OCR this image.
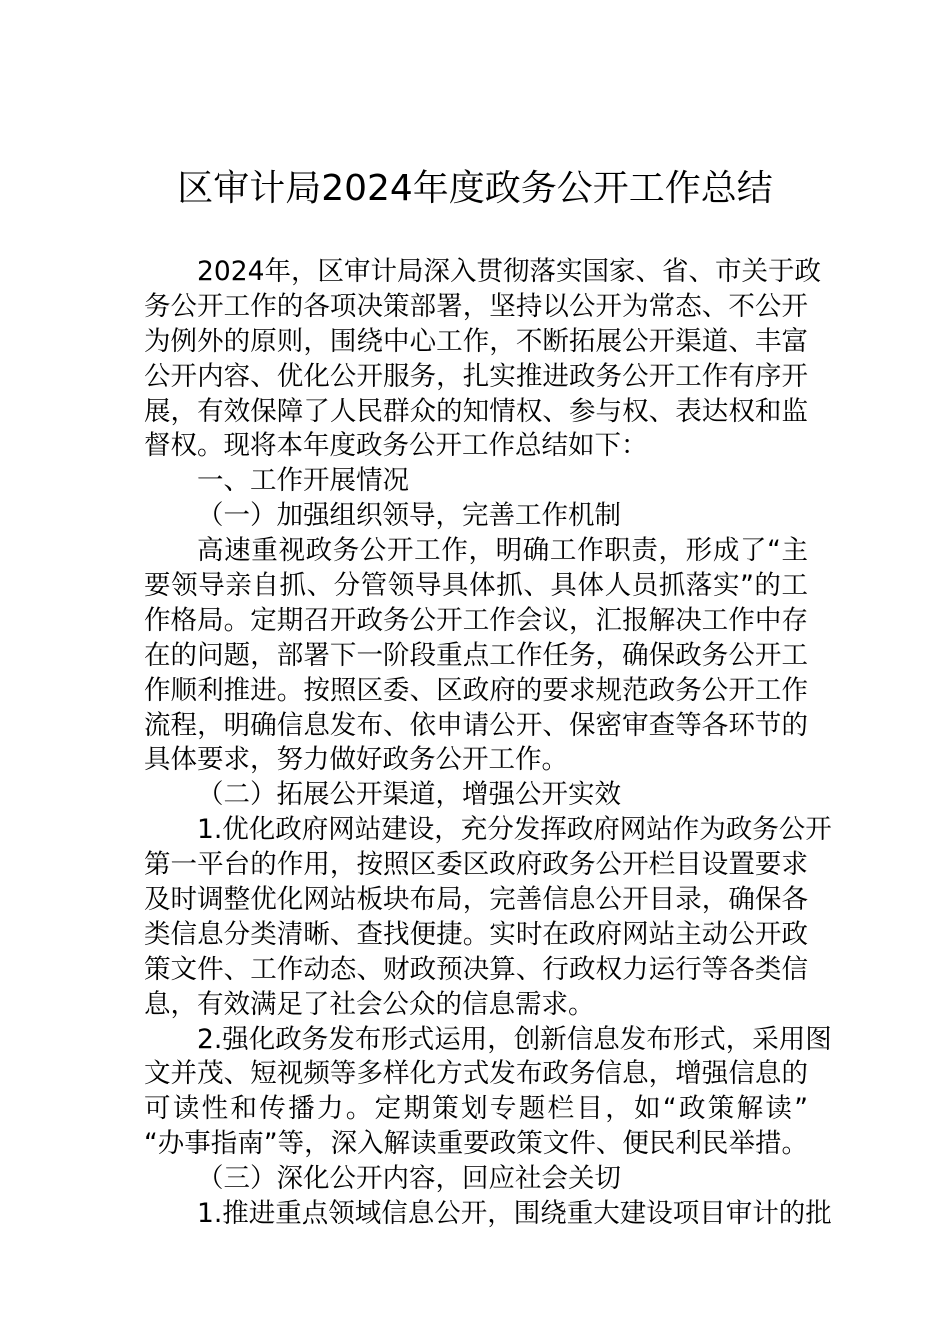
区审计局2024年度政务公开工作总结
2024年，区审计局深入贯彻落实国家、省、市关于政
务公开工作的各项决策部署，坚持以公开为常态、不公开
为例外的原则，围绕中心工作，不断拓展公开渠道、丰富
公开内容、优化公开服务，扎实推进政务公开工作有序开
展，有效保障了人民群众的知情权、参与权、表达权和监
督权。现将本年度政务公开工作总结如下：
一、工作开展情况
（一）加强组织领导，完善工作机制
高速重视政务公开工作，明确工作职责，形成了“主
要领导亲自抓、分管领导具体抓、具体人员抓落实”的工
作格局。定期召开政务公开工作会议，汇报解决工作中存
在的问题，部署下一阶段重点工作任务，确保政务公开工
作顺利推进。按照区委、区政府的要求规范政务公开工作
流程，明确信息发布、依申请公开、保密审查等各环节的
具体要求，努力做好政务公开工作。
（二）拓展公开渠道，增强公开实效
1.优化政府网站建设，充分发挥政府网站作为政务公开
第一平台的作用，按照区委区政府政务公开栏目设置要求
及时调整优化网站板块布局，完善信息公开目录，确保各
类信息分类清晰、查找便捷。实时在政府网站主动公开政
策文件、工作动态、财政预决算、行政权力运行等各类信
息，有效满足了社会公众的信息需求。
2.强化政务发布形式运用，创新信息发布形式，采用图
文并茂、短视频等多样化方式发布政务信息，增强信息的
可读性和传播力。定期策划专题栏目，如“政策解读”
“办事指南”等，深入解读重要政策文件、便民利民举措。
（三）深化公开内容，回应社会关切
1.推进重点领域信息公开，围绕重大建设项目审计的批
